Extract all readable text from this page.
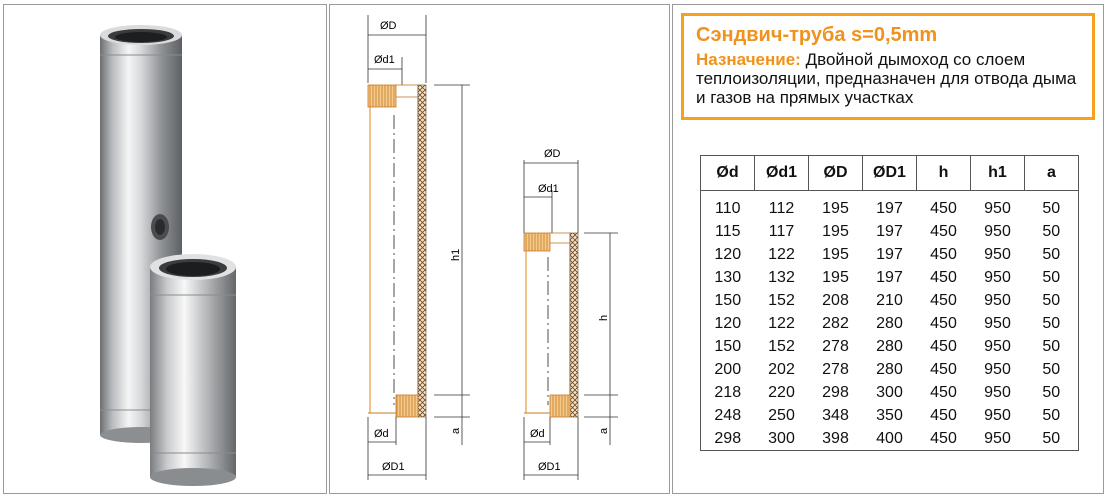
ØD
Ød1
h1
a
Ød
ØD1
ØD
Ød1
h
a
Ød
ØD1
Сэндвич-труба s=0,5mm
Назначение: Двойной дымоход со слоем теплоизоляции, предназначен для отвода дыма и газов на прямых участках
Ød	Ød1	ØD	ØD1	h	h1	a
110	112	195	197	450	950	50
115	117	195	197	450	950	50
120	122	195	197	450	950	50
130	132	195	197	450	950	50
150	152	208	210	450	950	50
120	122	282	280	450	950	50
150	152	278	280	450	950	50
200	202	278	280	450	950	50
218	220	298	300	450	950	50
248	250	348	350	450	950	50
298	300	398	400	450	950	50
